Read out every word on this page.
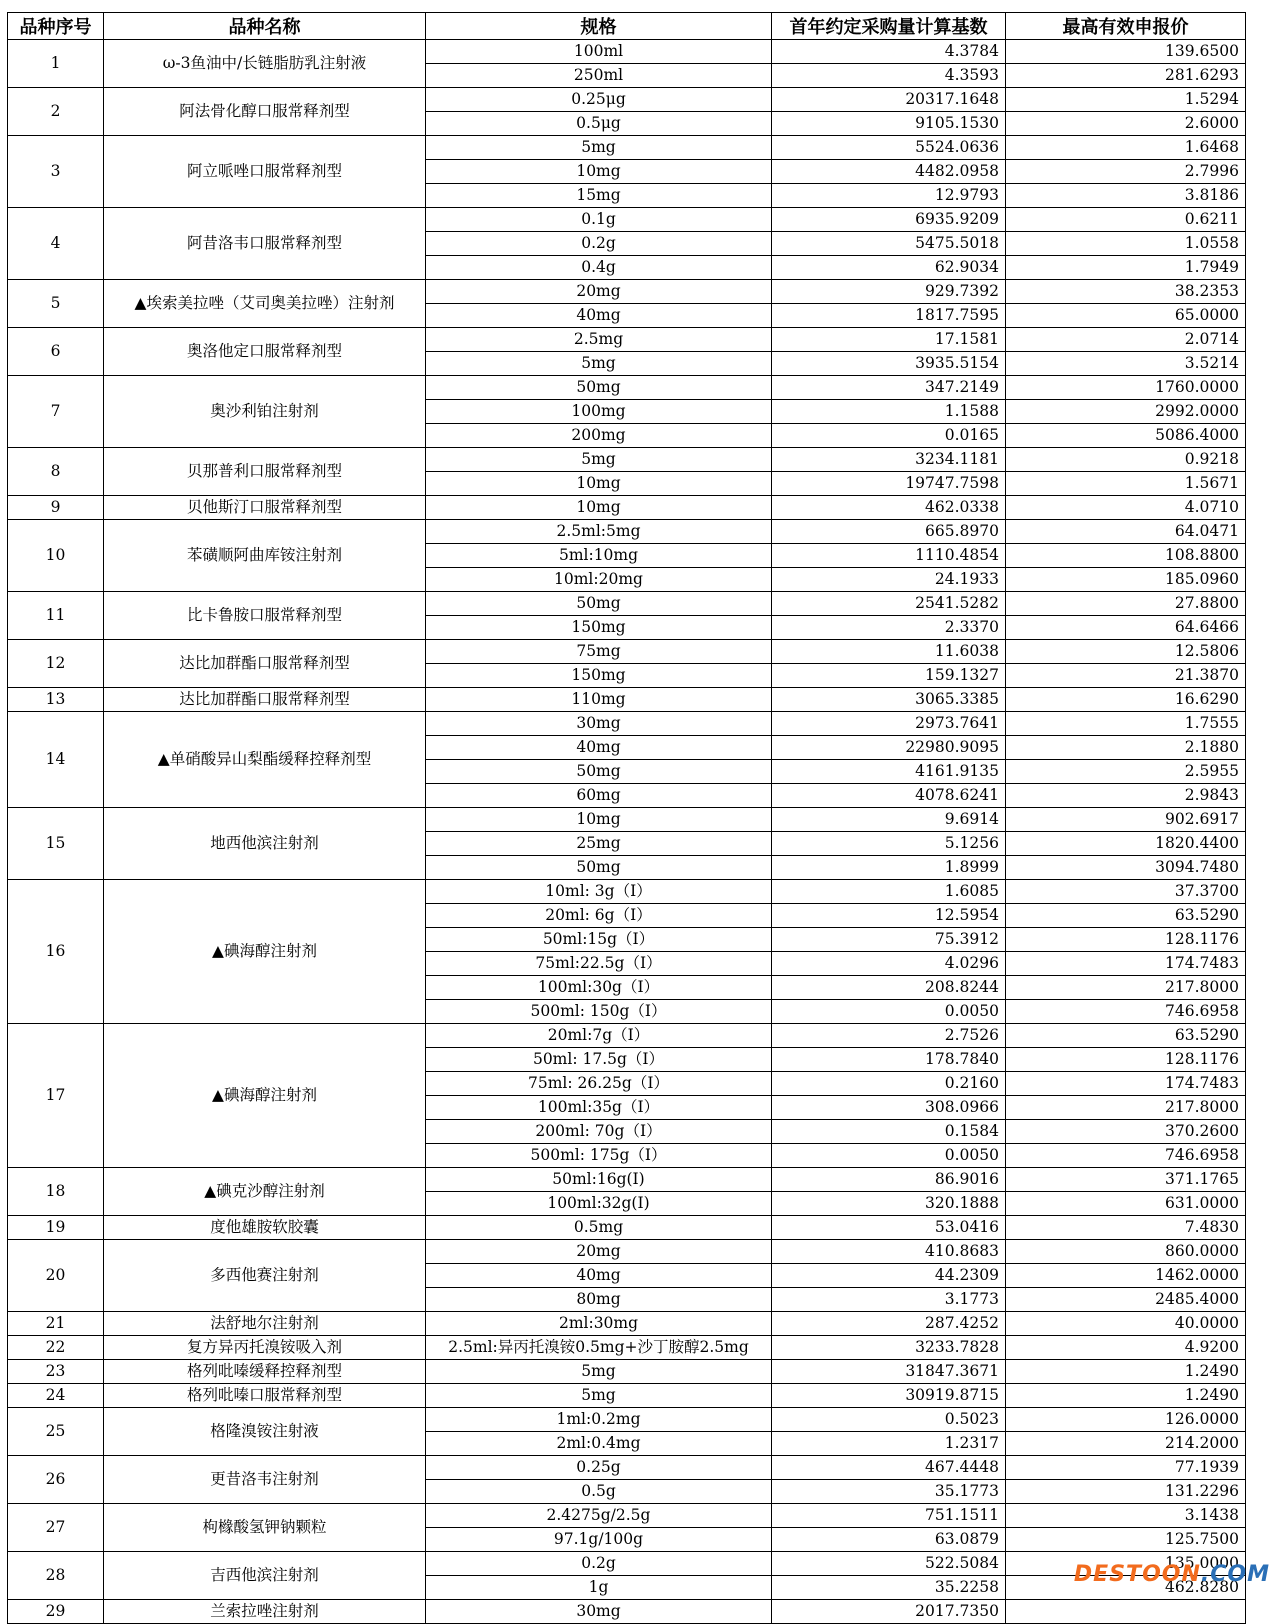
品种序号	品种名称	规格	首年约定采购量计算基数	最高有效申报价
1	ω-3鱼油中/长链脂肪乳注射液	100ml	4.3784	139.6500
		250ml	4.3593	281.6293
2	阿法骨化醇口服常释剂型	0.25μg	20317.1648	1.5294
		0.5μg	9105.1530	2.6000
3	阿立哌唑口服常释剂型	5mg	5524.0636	1.6468
		10mg	4482.0958	2.7996
		15mg	12.9793	3.8186
4	阿昔洛韦口服常释剂型	0.1g	6935.9209	0.6211
		0.2g	5475.5018	1.0558
		0.4g	62.9034	1.7949
5	▲埃索美拉唑（艾司奥美拉唑）注射剂	20mg	929.7392	38.2353
		40mg	1817.7595	65.0000
6	奥洛他定口服常释剂型	2.5mg	17.1581	2.0714
		5mg	3935.5154	3.5214
7	奥沙利铂注射剂	50mg	347.2149	1760.0000
		100mg	1.1588	2992.0000
		200mg	0.0165	5086.4000
8	贝那普利口服常释剂型	5mg	3234.1181	0.9218
		10mg	19747.7598	1.5671
9	贝他斯汀口服常释剂型	10mg	462.0338	4.0710
10	苯磺顺阿曲库铵注射剂	2.5ml:5mg	665.8970	64.0471
		5ml:10mg	1110.4854	108.8800
		10ml:20mg	24.1933	185.0960
11	比卡鲁胺口服常释剂型	50mg	2541.5282	27.8800
		150mg	2.3370	64.6466
12	达比加群酯口服常释剂型	75mg	11.6038	12.5806
		150mg	159.1327	21.3870
13	达比加群酯口服常释剂型	110mg	3065.3385	16.6290
14	▲单硝酸异山梨酯缓释控释剂型	30mg	2973.7641	1.7555
		40mg	22980.9095	2.1880
		50mg	4161.9135	2.5955
		60mg	4078.6241	2.9843
15	地西他滨注射剂	10mg	9.6914	902.6917
		25mg	5.1256	1820.4400
		50mg	1.8999	3094.7480
16	▲碘海醇注射剂	10ml: 3g（I）	1.6085	37.3700
		20ml: 6g（I）	12.5954	63.5290
		50ml:15g（I）	75.3912	128.1176
		75ml:22.5g（I）	4.0296	174.7483
		100ml:30g（I）	208.8244	217.8000
		500ml: 150g（I）	0.0050	746.6958
17	▲碘海醇注射剂	20ml:7g（I）	2.7526	63.5290
		50ml: 17.5g（I）	178.7840	128.1176
		75ml: 26.25g（I）	0.2160	174.7483
		100ml:35g（I）	308.0966	217.8000
		200ml: 70g（I）	0.1584	370.2600
		500ml: 175g（I）	0.0050	746.6958
18	▲碘克沙醇注射剂	50ml:16g(I)	86.9016	371.1765
		100ml:32g(I)	320.1888	631.0000
19	度他雄胺软胶囊	0.5mg	53.0416	7.4830
20	多西他赛注射剂	20mg	410.8683	860.0000
		40mg	44.2309	1462.0000
		80mg	3.1773	2485.4000
21	法舒地尔注射剂	2ml:30mg	287.4252	40.0000
22	复方异丙托溴铵吸入剂	2.5ml:异丙托溴铵0.5mg+沙丁胺醇2.5mg	3233.7828	4.9200
23	格列吡嗪缓释控释剂型	5mg	31847.3671	1.2490
24	格列吡嗪口服常释剂型	5mg	30919.8715	1.2490
25	格隆溴铵注射液	1ml:0.2mg	0.5023	126.0000
		2ml:0.4mg	1.2317	214.2000
26	更昔洛韦注射剂	0.25g	467.4448	77.1939
		0.5g	35.1773	131.2296
27	枸橼酸氢钾钠颗粒	2.4275g/2.5g	751.1511	3.1438
		97.1g/100g	63.0879	125.7500
28	吉西他滨注射剂	0.2g	522.5084	135.0000
		1g	35.2258	462.8280
29	兰索拉唑注射剂	30mg	2017.7350	
DESTOON.COM
